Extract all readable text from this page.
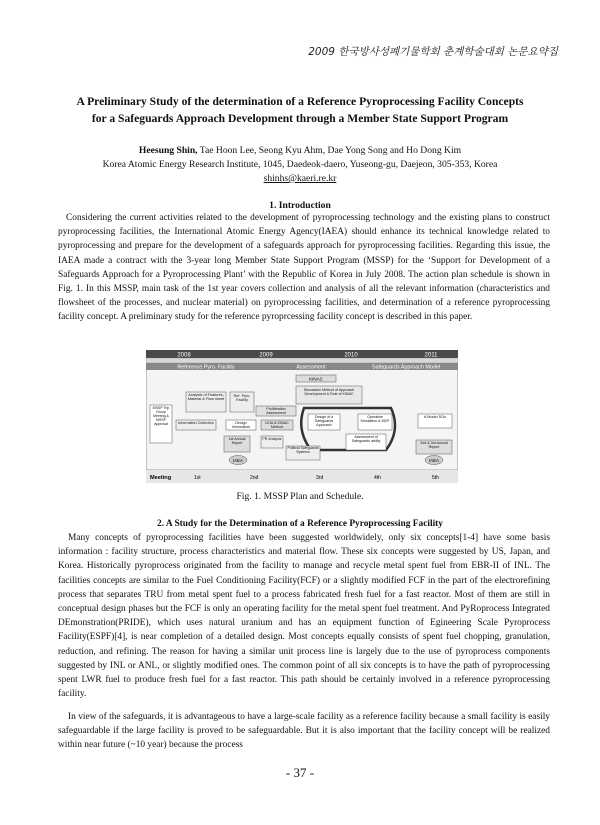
2009 한국방사성폐기물학회 춘계학술대회 논문요약집
A Preliminary Study of the determination of a Reference Pyroprocessing Facility Concepts
for a Safeguards Approach Development through a Member State Support Program
Heesung Shin, Tae Hoon Lee, Seong Kyu Ahm, Dae Yong Song and Ho Dong Kim
Korea Atomic Energy Research Institute, 1045, Daedeok-daero, Yuseong-gu, Daejeon, 305-353, Korea
shinhs@kaeri.re.kr
1. Introduction
Considering the current activities related to the development of pyroprocessing technology and the existing plans to construct pyroprocessing facilities, the International Atomic Energy Agency(IAEA) should enhance its technical knowledge related to pyroprocessing and prepare for the development of a safeguards approach for pyroprocessing facilities. Regarding this issue, the IAEA made a contract with the 3-year long Member State Support Program (MSSP) for the ‘Support for Development of a Safeguards Approach for a Pyroprocessing Plant’ with the Republic of Korea in July 2008. The action plan schedule is shown in Fig. 1. In this MSSP, main task of the 1st year covers collection and analysis of all the relevant information (characteristics and flowsheet of the processes, and nuclear material) on pyroprocessing facilities, and determination of a reference pyroprocessing facility concept. A preliminary study for the reference pyroprcessing facility concept is described in this paper.
2008	2009	2010	2011
Reference Pyro. Facility	Assessment	Safeguards Approach Model
KINAC
Discussion Method of Approach Development & Role of KINAC
Analysis of Features, Material & Flow sheet
Ref. Pyro. Facility
Proliferation Assessment
MSSP Trip Group Meeting & MSSP Approval	Information Collection	Design Information
LEIA & KINAC Method
Design of a Safeguards Approach
Operative Simulation & MCP
Assessment of Safeguards ability
A Model SGs
2nd & 3rd Annual Report
1st Annual Report
PR Analysis
Political Safeguards Systems
IAEA	IAEA
Meeting	1st	2nd	3rd	4th	5th
Fig. 1. MSSP Plan and Schedule.
2. A Study for the Determination of a Reference Pyroprocessing Facility
Many concepts of pyroprocessing facilities have been suggested worldwidely, only six concepts[1-4] have some basis information : facility structure, process characteristics and material flow. These six concepts were suggested by US, Japan, and Korea. Historically pyroprocess originated from the facility to manage and recycle metal spent fuel from EBR-II of INL. The facilities concepts are similar to the Fuel Conditioning Facility(FCF) or a slightly modified FCF in the part of the electrorefining process that separates TRU from metal spent fuel to a process fabricated fresh fuel for a fast reactor. Most of them are still in conceptual design phases but the FCF is only an operating facility for the metal spent fuel treatment. And PyRoprocess Integrated DEmonstration(PRIDE), which uses natural uranium and has an equipment function of Egineering Scale Pyroprocess Facility(ESPF)[4], is near completion of a detailed design. Most concepts equally consists of spent fuel chopping, granulation, reduction, and refining. The reason for having a similar unit process line is largely due to the use of pyroprocess components suggested by INL or ANL, or slightly modified ones. The common point of all six concepts is to have the path of pyroprocessing spent LWR fuel to produce fresh fuel for a fast reactor. This path should be certainly involved in a reference pyroprocessing facility.
In view of the safeguards, it is advantageous to have a large-scale facility as a reference facility because a small facility is easily safeguardable if the large facility is proved to be safeguardable. But it is also important that the facility concept will be realized within near future (~10 year) because the process
- 37 -
